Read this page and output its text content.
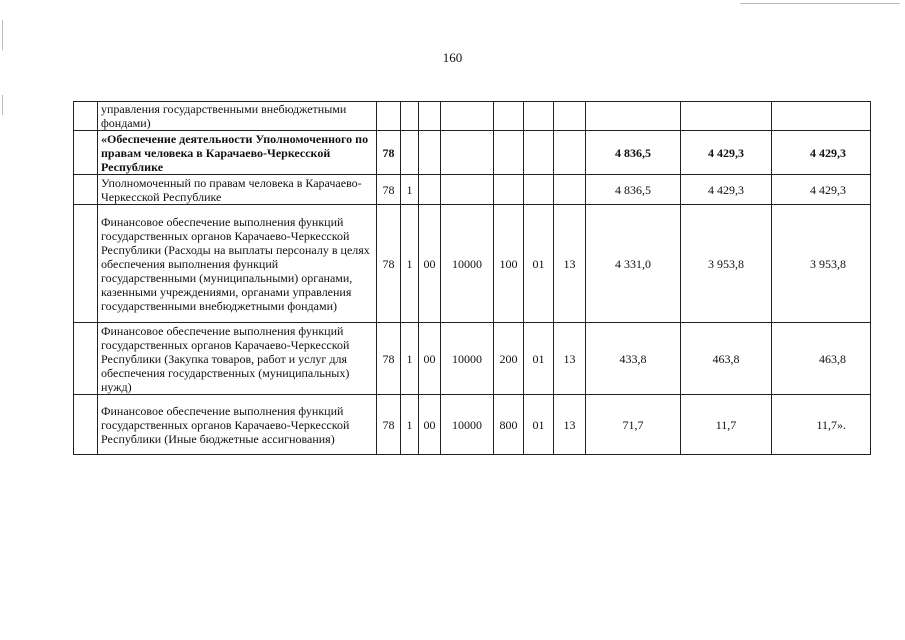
160
	управления государственными внебюджетными фондами)										
	«Обеспечение деятельности Уполномоченного по правам человека в Карачаево-Черкесской Республике	78							4 836,5	4 429,3	4 429,3
	Уполномоченный по правам человека в Карачаево-Черкесской Республике	78	1						4 836,5	4 429,3	4 429,3
	Финансовое обеспечение выполнения функций государственных органов Карачаево-Черкесской Республики (Расходы на выплаты персоналу в целях обеспечения выполнения функций государственными (муниципальными) органами, казенными учреждениями, органами управления государственными внебюджетными фондами)	78	1	00	10000	100	01	13	4 331,0	3 953,8	3 953,8
	Финансовое обеспечение выполнения функций государственных органов Карачаево-Черкесской Республики (Закупка товаров, работ и услуг для обеспечения государственных (муниципальных) нужд)	78	1	00	10000	200	01	13	433,8	463,8	463,8
	Финансовое обеспечение выполнения функций государственных органов Карачаево-Черкесской Республики (Иные бюджетные ассигнования)	78	1	00	10000	800	01	13	71,7	11,7	11,7».
